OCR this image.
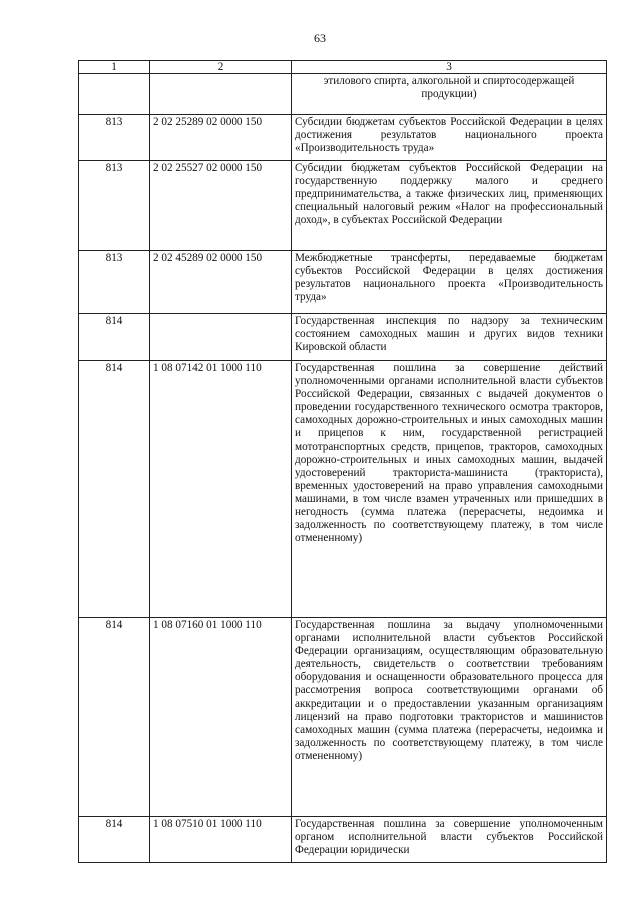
63
1	2	3
		этилового спирта, алкогольной и спиртосодержащей продукции)
813	2 02 25289 02 0000 150	Субсидии бюджетам субъектов Российской Федерации в целях достижения результатов национального проекта «Производительность труда»
813	2 02 25527 02 0000 150	Субсидии бюджетам субъектов Российской Федерации на государственную поддержку малого и среднего предпринимательства, а также физических лиц, применяющих специальный налоговый режим «Налог на профессиональный доход», в субъектах Российской Федерации
813	2 02 45289 02 0000 150	Межбюджетные трансферты, передаваемые бюджетам субъектов Российской Федерации в целях достижения результатов национального проекта «Производительность труда»
814		Государственная инспекция по надзору за техническим состоянием самоходных машин и других видов техники Кировской области
814	1 08 07142 01 1000 110	Государственная пошлина за совершение действий уполномоченными органами исполнительной власти субъектов Российской Федерации, связанных с выдачей документов о проведении государственного технического осмотра тракторов, самоходных дорожно-строительных и иных самоходных машин и прицепов к ним, государственной регистрацией мототранспортных средств, прицепов, тракторов, самоходных дорожно-строительных и иных самоходных машин, выдачей удостоверений тракториста-машиниста (тракториста), временных удостоверений на право управления самоходными машинами, в том числе взамен утраченных или пришедших в негодность (сумма платежа (перерасчеты, недоимка и задолженность по соответствующему платежу, в том числе отмененному)
814	1 08 07160 01 1000 110	Государственная пошлина за выдачу уполномоченными органами исполнительной власти субъектов Российской Федерации организациям, осуществляющим образовательную деятельность, свидетельств о соответствии требованиям оборудования и оснащенности образовательного процесса для рассмотрения вопроса соответствующими органами об аккредитации и о предоставлении указанным организациям лицензий на право подготовки трактористов и машинистов самоходных машин (сумма платежа (перерасчеты, недоимка и задолженность по соответствующему платежу, в том числе отмененному)
814	1 08 07510 01 1000 110	Государственная пошлина за совершение уполномоченным органом исполнительной власти субъектов Российской Федерации юридически
